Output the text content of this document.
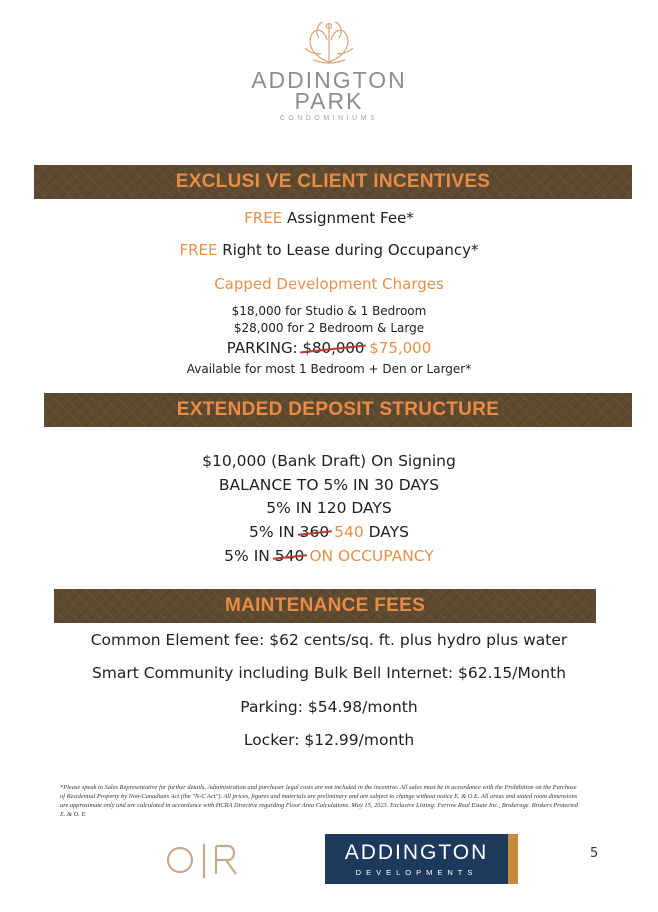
ADDINGTON
PARK
CONDOMINIUMS
EXCLUSI VE CLIENT INCENTIVES
FREE Assignment Fee*
FREE Right to Lease during Occupancy*
Capped Development Charges
$18,000 for Studio & 1 Bedroom
$28,000 for 2 Bedroom & Large
PARKING: $80,000 $75,000
Available for most 1 Bedroom + Den or Larger*
EXTENDED DEPOSIT STRUCTURE
$10,000 (Bank Draft) On Signing
BALANCE TO 5% IN 30 DAYS
5% IN 120 DAYS
5% IN 360 540 DAYS
5% IN 540 ON OCCUPANCY
MAINTENANCE FEES
Common Element fee: $62 cents/sq. ft. plus hydro plus water
Smart Community including Bulk Bell Internet: $62.15/Month
Parking: $54.98/month
Locker: $12.99/month
*Please speak to Sales Representative for further details. Administration and purchaser legal costs are not included in the incentive. All sales must be in accordance with the Prohibition on the Purchase of Residential Property by Non-Canadians Act (the "N-C Act"). All prices, figures and materials are preliminary and are subject to change without notice E. & O.E. All areas and stated room dimensions are approximate only and are calculated in accordance with HCRA Directive regarding Floor Area Calculations. May 15, 2023. Exclusive Listing: Ferrow Real Estate Inc., Brokerage. Brokers Protected E. & O. E
ADDINGTON
DEVELOPMENTS
5
